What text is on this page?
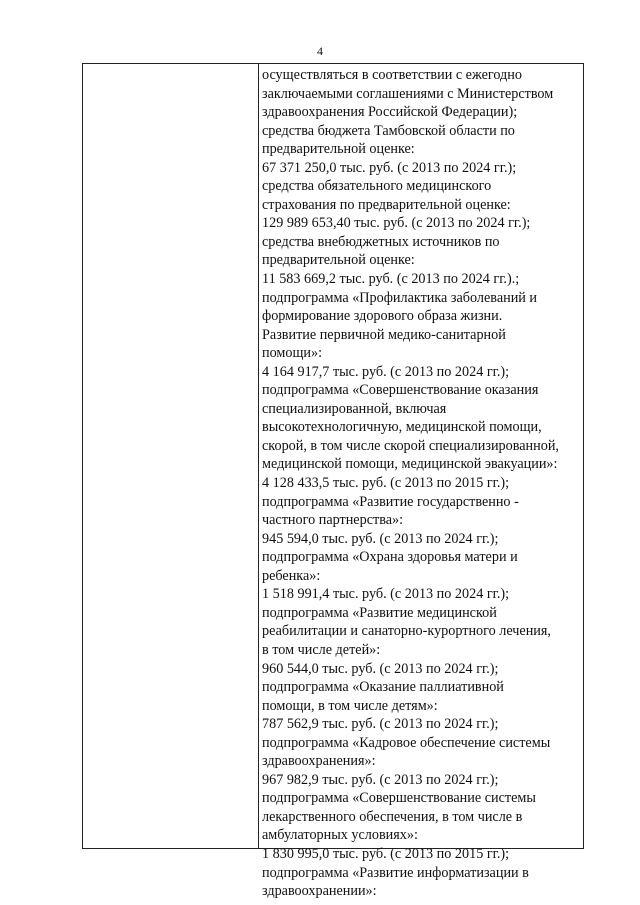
4
осуществляться в соответствии с ежегодно
заключаемыми соглашениями с Министерством
здравоохранения Российской Федерации);
средства бюджета Тамбовской области по
предварительной оценке:
67 371 250,0 тыс. руб. (с 2013 по 2024 гг.);
средства обязательного медицинского
страхования по предварительной оценке:
129 989 653,40 тыс. руб. (с 2013 по 2024 гг.);
средства внебюджетных источников по
предварительной оценке:
11 583 669,2 тыс. руб. (с 2013 по 2024 гг.).;
подпрограмма «Профилактика заболеваний и
формирование здорового образа жизни.
Развитие первичной медико-санитарной
помощи»:
4 164 917,7 тыс. руб. (с 2013 по 2024 гг.);
подпрограмма «Совершенствование оказания
специализированной, включая
высокотехнологичную, медицинской помощи,
скорой, в том числе скорой специализированной,
медицинской помощи, медицинской эвакуации»:
4 128 433,5 тыс. руб. (с 2013 по 2015 гг.);
подпрограмма «Развитие государственно -
частного партнерства»:
945 594,0 тыс. руб. (с 2013 по 2024 гг.);
подпрограмма «Охрана здоровья матери и
ребенка»:
1 518 991,4 тыс. руб. (с 2013 по 2024 гг.);
подпрограмма «Развитие медицинской
реабилитации и санаторно-курортного лечения,
в том числе детей»:
960 544,0 тыс. руб. (с 2013 по 2024 гг.);
подпрограмма «Оказание паллиативной
помощи, в том числе детям»:
787 562,9 тыс. руб. (с 2013 по 2024 гг.);
подпрограмма «Кадровое обеспечение системы
здравоохранения»:
967 982,9 тыс. руб. (с 2013 по 2024 гг.);
подпрограмма «Совершенствование системы
лекарственного обеспечения, в том числе в
амбулаторных условиях»:
1 830 995,0 тыс. руб. (с 2013 по 2015 гг.);
подпрограмма «Развитие информатизации в
здравоохранении»:
